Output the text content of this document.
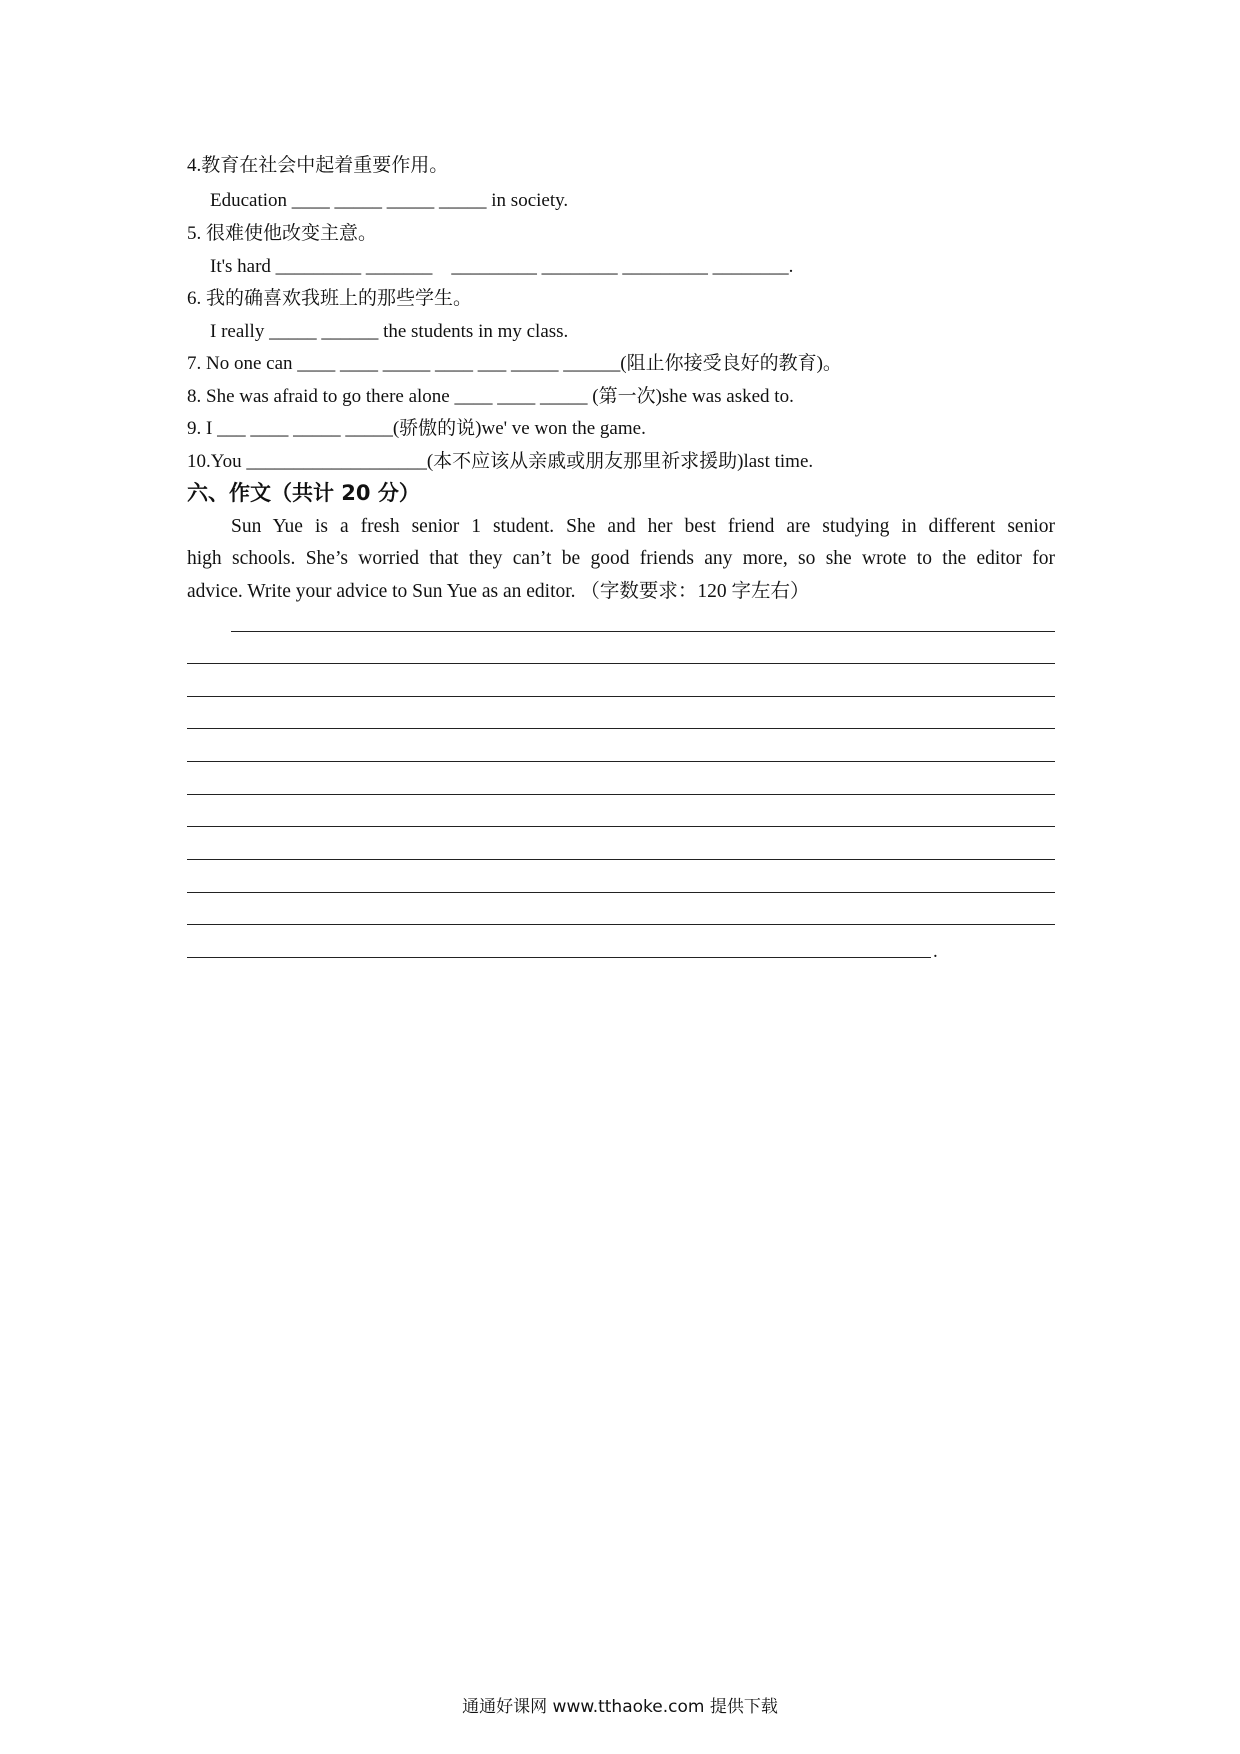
4.教育在社会中起着重要作用。
Education ____ _____ _____ _____ in society.
5. 很难使他改变主意。
It's hard _________ _______    _________ ________ _________ ________.
6. 我的确喜欢我班上的那些学生。
I really _____ ______ the students in my class.
7. No one can ____ ____ _____ ____ ___ _____ ______(阻止你接受良好的教育)。
8. She was afraid to go there alone ____ ____ _____ (第一次)she was asked to.
9. I ___ ____ _____ _____(骄傲的说)we' ve won the game.
10.You ___________________(本不应该从亲戚或朋友那里祈求援助)last time.
六、作文（共计 20 分）
Sun Yue is a fresh senior 1 student. She and her best friend are studying in different senior
high schools. She’s worried that they can’t be good friends any more, so she wrote to the editor for
advice. Write your advice to Sun Yue as an editor. （字数要求：120 字左右）
.
通通好课网 www.tthaoke.com 提供下载
